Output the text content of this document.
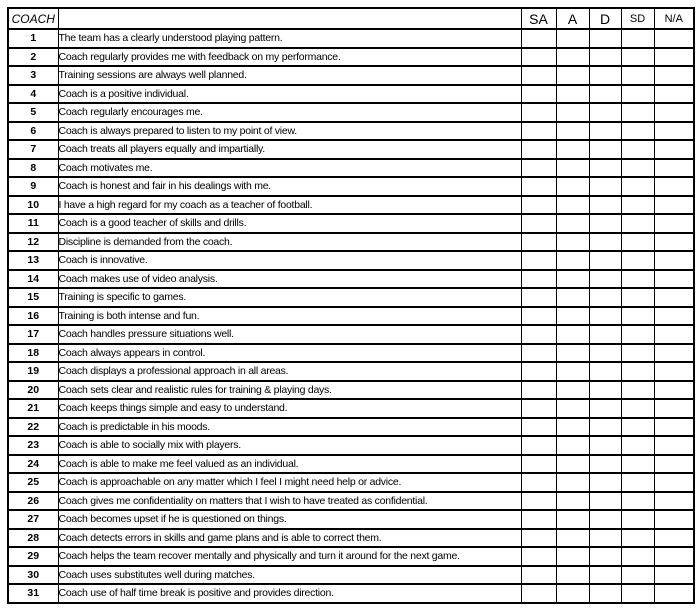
COACH		SA	A	D	SD	N/A
1	The team has a clearly understood playing pattern.					
2	Coach regularly provides me with feedback on my performance.					
3	Training sessions are always well planned.					
4	Coach is a positive individual.					
5	Coach regularly encourages me.					
6	Coach is always prepared to listen to my point of view.					
7	Coach treats all players equally and impartially.					
8	Coach motivates me.					
9	Coach is honest and fair in his dealings with me.					
10	I have a high regard for my coach as a teacher of football.					
11	Coach is a good teacher of skills and drills.					
12	Discipline is demanded from the coach.					
13	Coach is innovative.					
14	Coach makes use of video analysis.					
15	Training is specific to games.					
16	Training is both intense and fun.					
17	Coach handles pressure situations well.					
18	Coach always appears in control.					
19	Coach displays a professional approach in all areas.					
20	Coach sets clear and realistic rules for training & playing days.					
21	Coach keeps things simple and easy to understand.					
22	Coach is predictable in his moods.					
23	Coach is able to socially mix with players.					
24	Coach is able to make me feel valued as an individual.					
25	Coach is approachable on any matter which I feel I might need help or advice.					
26	Coach gives me confidentiality on matters that I wish to have treated as confidential.					
27	Coach becomes upset if he is questioned on things.					
28	Coach detects errors in skills and game plans and is able to correct them.					
29	Coach helps the team recover mentally and physically and turn it around for the next game.					
30	Coach uses substitutes well during matches.					
31	Coach use of half time break is positive and provides direction.					
